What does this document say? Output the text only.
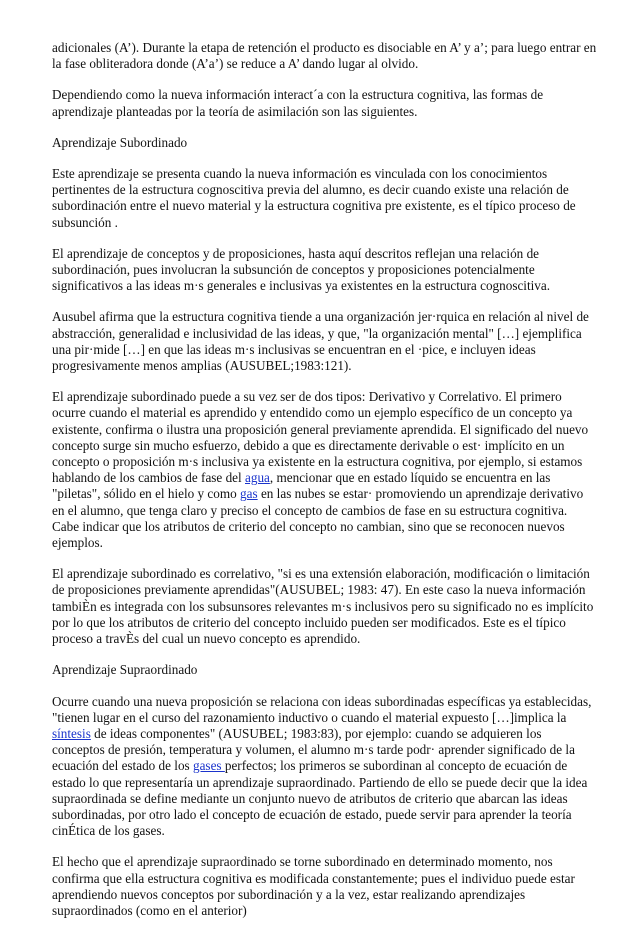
adicionales (A’). Durante la etapa de retención el producto es disociable en A’ y a’; para luego entrar en la fase obliteradora donde (A’a’) se reduce a A’ dando lugar al olvido.

Dependiendo como la nueva información interact´a con la estructura cognitiva, las formas de aprendizaje planteadas por la teoría de asimilación son las siguientes.

Aprendizaje Subordinado

Este aprendizaje se presenta cuando la nueva información es vinculada con los conocimientos pertinentes de la estructura cognoscitiva previa del alumno, es decir cuando existe una relación de subordinación entre el nuevo material y la estructura cognitiva pre existente, es el típico proceso de subsunción .

El aprendizaje de conceptos y de proposiciones, hasta aquí descritos reflejan una relación de subordinación, pues involucran la subsunción de conceptos y proposiciones potencialmente significativos a las ideas m·s generales e inclusivas ya existentes en la estructura cognoscitiva.

Ausubel afirma que la estructura cognitiva tiende a una organización jer·rquica en relación al nivel de abstracción, generalidad e inclusividad de las ideas, y que, "la organización mental" […] ejemplifica una pir·mide […] en que las ideas m·s inclusivas se encuentran en el ·pice, e incluyen ideas progresivamente menos amplias (AUSUBEL;1983:121).

El aprendizaje subordinado puede a su vez ser de dos tipos: Derivativo y Correlativo. El primero ocurre cuando el material es aprendido y entendido como un ejemplo específico de un concepto ya existente, confirma o ilustra una proposición general previamente aprendida. El significado del nuevo concepto surge sin mucho esfuerzo, debido a que es directamente derivable o est· implícito en un concepto o proposición m·s inclusiva ya existente en la estructura cognitiva, por ejemplo, si estamos hablando de los cambios de fase del agua, mencionar que en estado líquido se encuentra en las "piletas", sólido en el hielo y como gas en las nubes se estar· promoviendo un aprendizaje derivativo en el alumno, que tenga claro y preciso el concepto de cambios de fase en su estructura cognitiva. Cabe indicar que los atributos de criterio del concepto no cambian, sino que se reconocen nuevos ejemplos.

El aprendizaje subordinado es correlativo, "si es una extensión elaboración, modificación o limitación de proposiciones previamente aprendidas"(AUSUBEL; 1983: 47). En este caso la nueva información tambiÈn es integrada con los subsunsores relevantes m·s inclusivos pero su significado no es implícito por lo que los atributos de criterio del concepto incluido pueden ser modificados. Este es el típico proceso a travÈs del cual un nuevo concepto es aprendido.

Aprendizaje Supraordinado

Ocurre cuando una nueva proposición se relaciona con ideas subordinadas específicas ya establecidas, "tienen lugar en el curso del razonamiento inductivo o cuando el material expuesto […]implica la síntesis de ideas componentes" (AUSUBEL; 1983:83), por ejemplo: cuando se adquieren los conceptos de presión, temperatura y volumen, el alumno m·s tarde podr· aprender significado de la ecuación del estado de los gases perfectos; los primeros se subordinan al concepto de ecuación de estado lo que representaría un aprendizaje supraordinado. Partiendo de ello se puede decir que la idea supraordinada se define mediante un conjunto nuevo de atributos de criterio que abarcan las ideas subordinadas, por otro lado el concepto de ecuación de estado, puede servir para aprender la teoría cinÉtica de los gases.

El hecho que el aprendizaje supraordinado se torne subordinado en determinado momento, nos confirma que ella estructura cognitiva es modificada constantemente; pues el individuo puede estar aprendiendo nuevos conceptos por subordinación y a la vez, estar realizando aprendizajes supraordinados (como en el anterior)
